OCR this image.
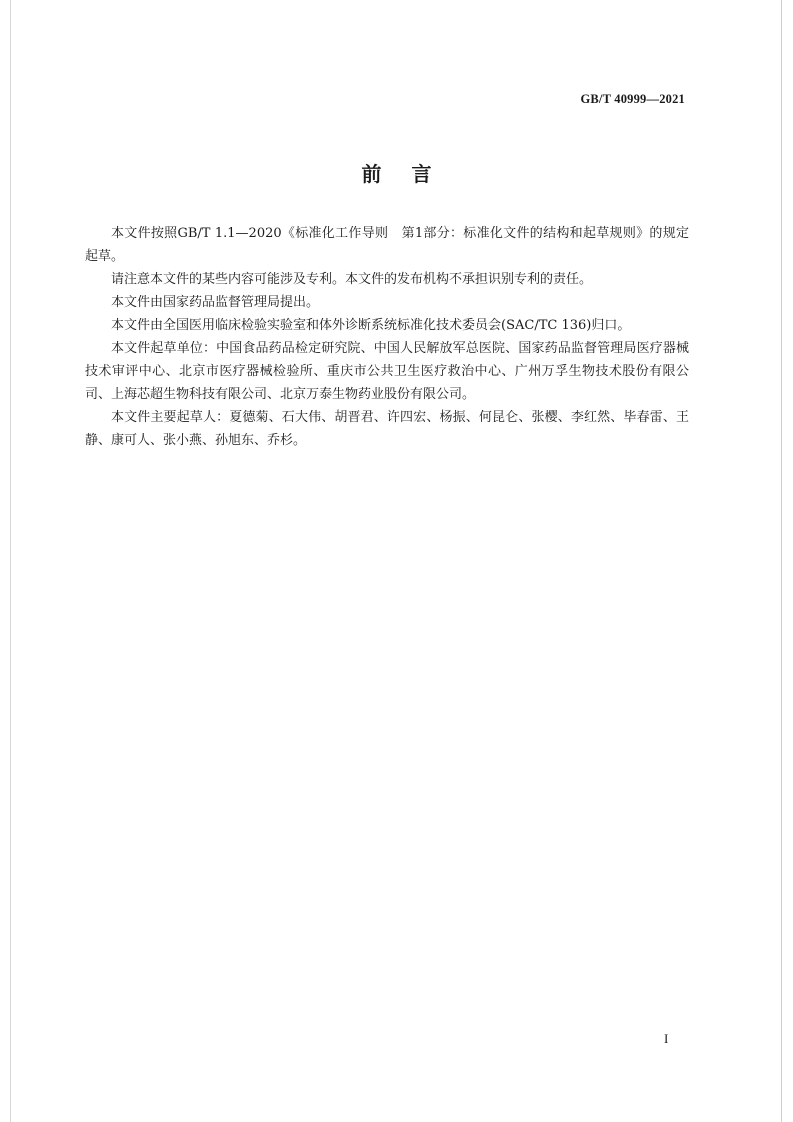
GB/T 40999—2021
前言

本文件按照GB/T 1.1—2020《标准化工作导则　第1部分：标准化文件的结构和起草规则》的规定起草。

请注意本文件的某些内容可能涉及专利。本文件的发布机构不承担识别专利的责任。

本文件由国家药品监督管理局提出。

本文件由全国医用临床检验实验室和体外诊断系统标准化技术委员会(SAC/TC 136)归口。

本文件起草单位：中国食品药品检定研究院、中国人民解放军总医院、国家药品监督管理局医疗器械技术审评中心、北京市医疗器械检验所、重庆市公共卫生医疗救治中心、广州万孚生物技术股份有限公司、上海芯超生物科技有限公司、北京万泰生物药业股份有限公司。

本文件主要起草人：夏德菊、石大伟、胡晋君、许四宏、杨振、何昆仑、张樱、李红然、毕春雷、王静、康可人、张小燕、孙旭东、乔杉。

I
